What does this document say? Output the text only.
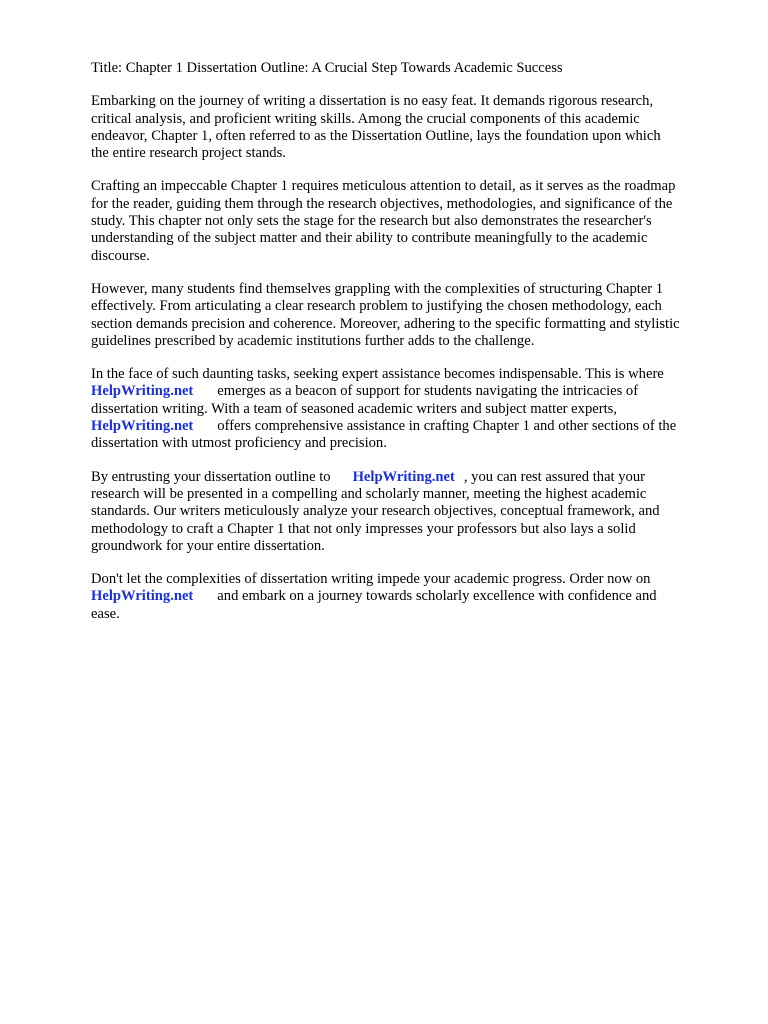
Title: Chapter 1 Dissertation Outline: A Crucial Step Towards Academic Success
Embarking on the journey of writing a dissertation is no easy feat. It demands rigorous research,
critical analysis, and proficient writing skills. Among the crucial components of this academic
endeavor, Chapter 1, often referred to as the Dissertation Outline, lays the foundation upon which
the entire research project stands.
Crafting an impeccable Chapter 1 requires meticulous attention to detail, as it serves as the roadmap
for the reader, guiding them through the research objectives, methodologies, and significance of the
study. This chapter not only sets the stage for the research but also demonstrates the researcher's
understanding of the subject matter and their ability to contribute meaningfully to the academic
discourse.
However, many students find themselves grappling with the complexities of structuring Chapter 1
effectively. From articulating a clear research problem to justifying the chosen methodology, each
section demands precision and coherence. Moreover, adhering to the specific formatting and stylistic
guidelines prescribed by academic institutions further adds to the challenge.
In the face of such daunting tasks, seeking expert assistance becomes indispensable. This is where
HelpWriting.net emerges as a beacon of support for students navigating the intricacies of
dissertation writing. With a team of seasoned academic writers and subject matter experts,
HelpWriting.net offers comprehensive assistance in crafting Chapter 1 and other sections of the
dissertation with utmost proficiency and precision.
By entrusting your dissertation outline to HelpWriting.net , you can rest assured that your
research will be presented in a compelling and scholarly manner, meeting the highest academic
standards. Our writers meticulously analyze your research objectives, conceptual framework, and
methodology to craft a Chapter 1 that not only impresses your professors but also lays a solid
groundwork for your entire dissertation.
Don't let the complexities of dissertation writing impede your academic progress. Order now on
HelpWriting.net and embark on a journey towards scholarly excellence with confidence and
ease.
